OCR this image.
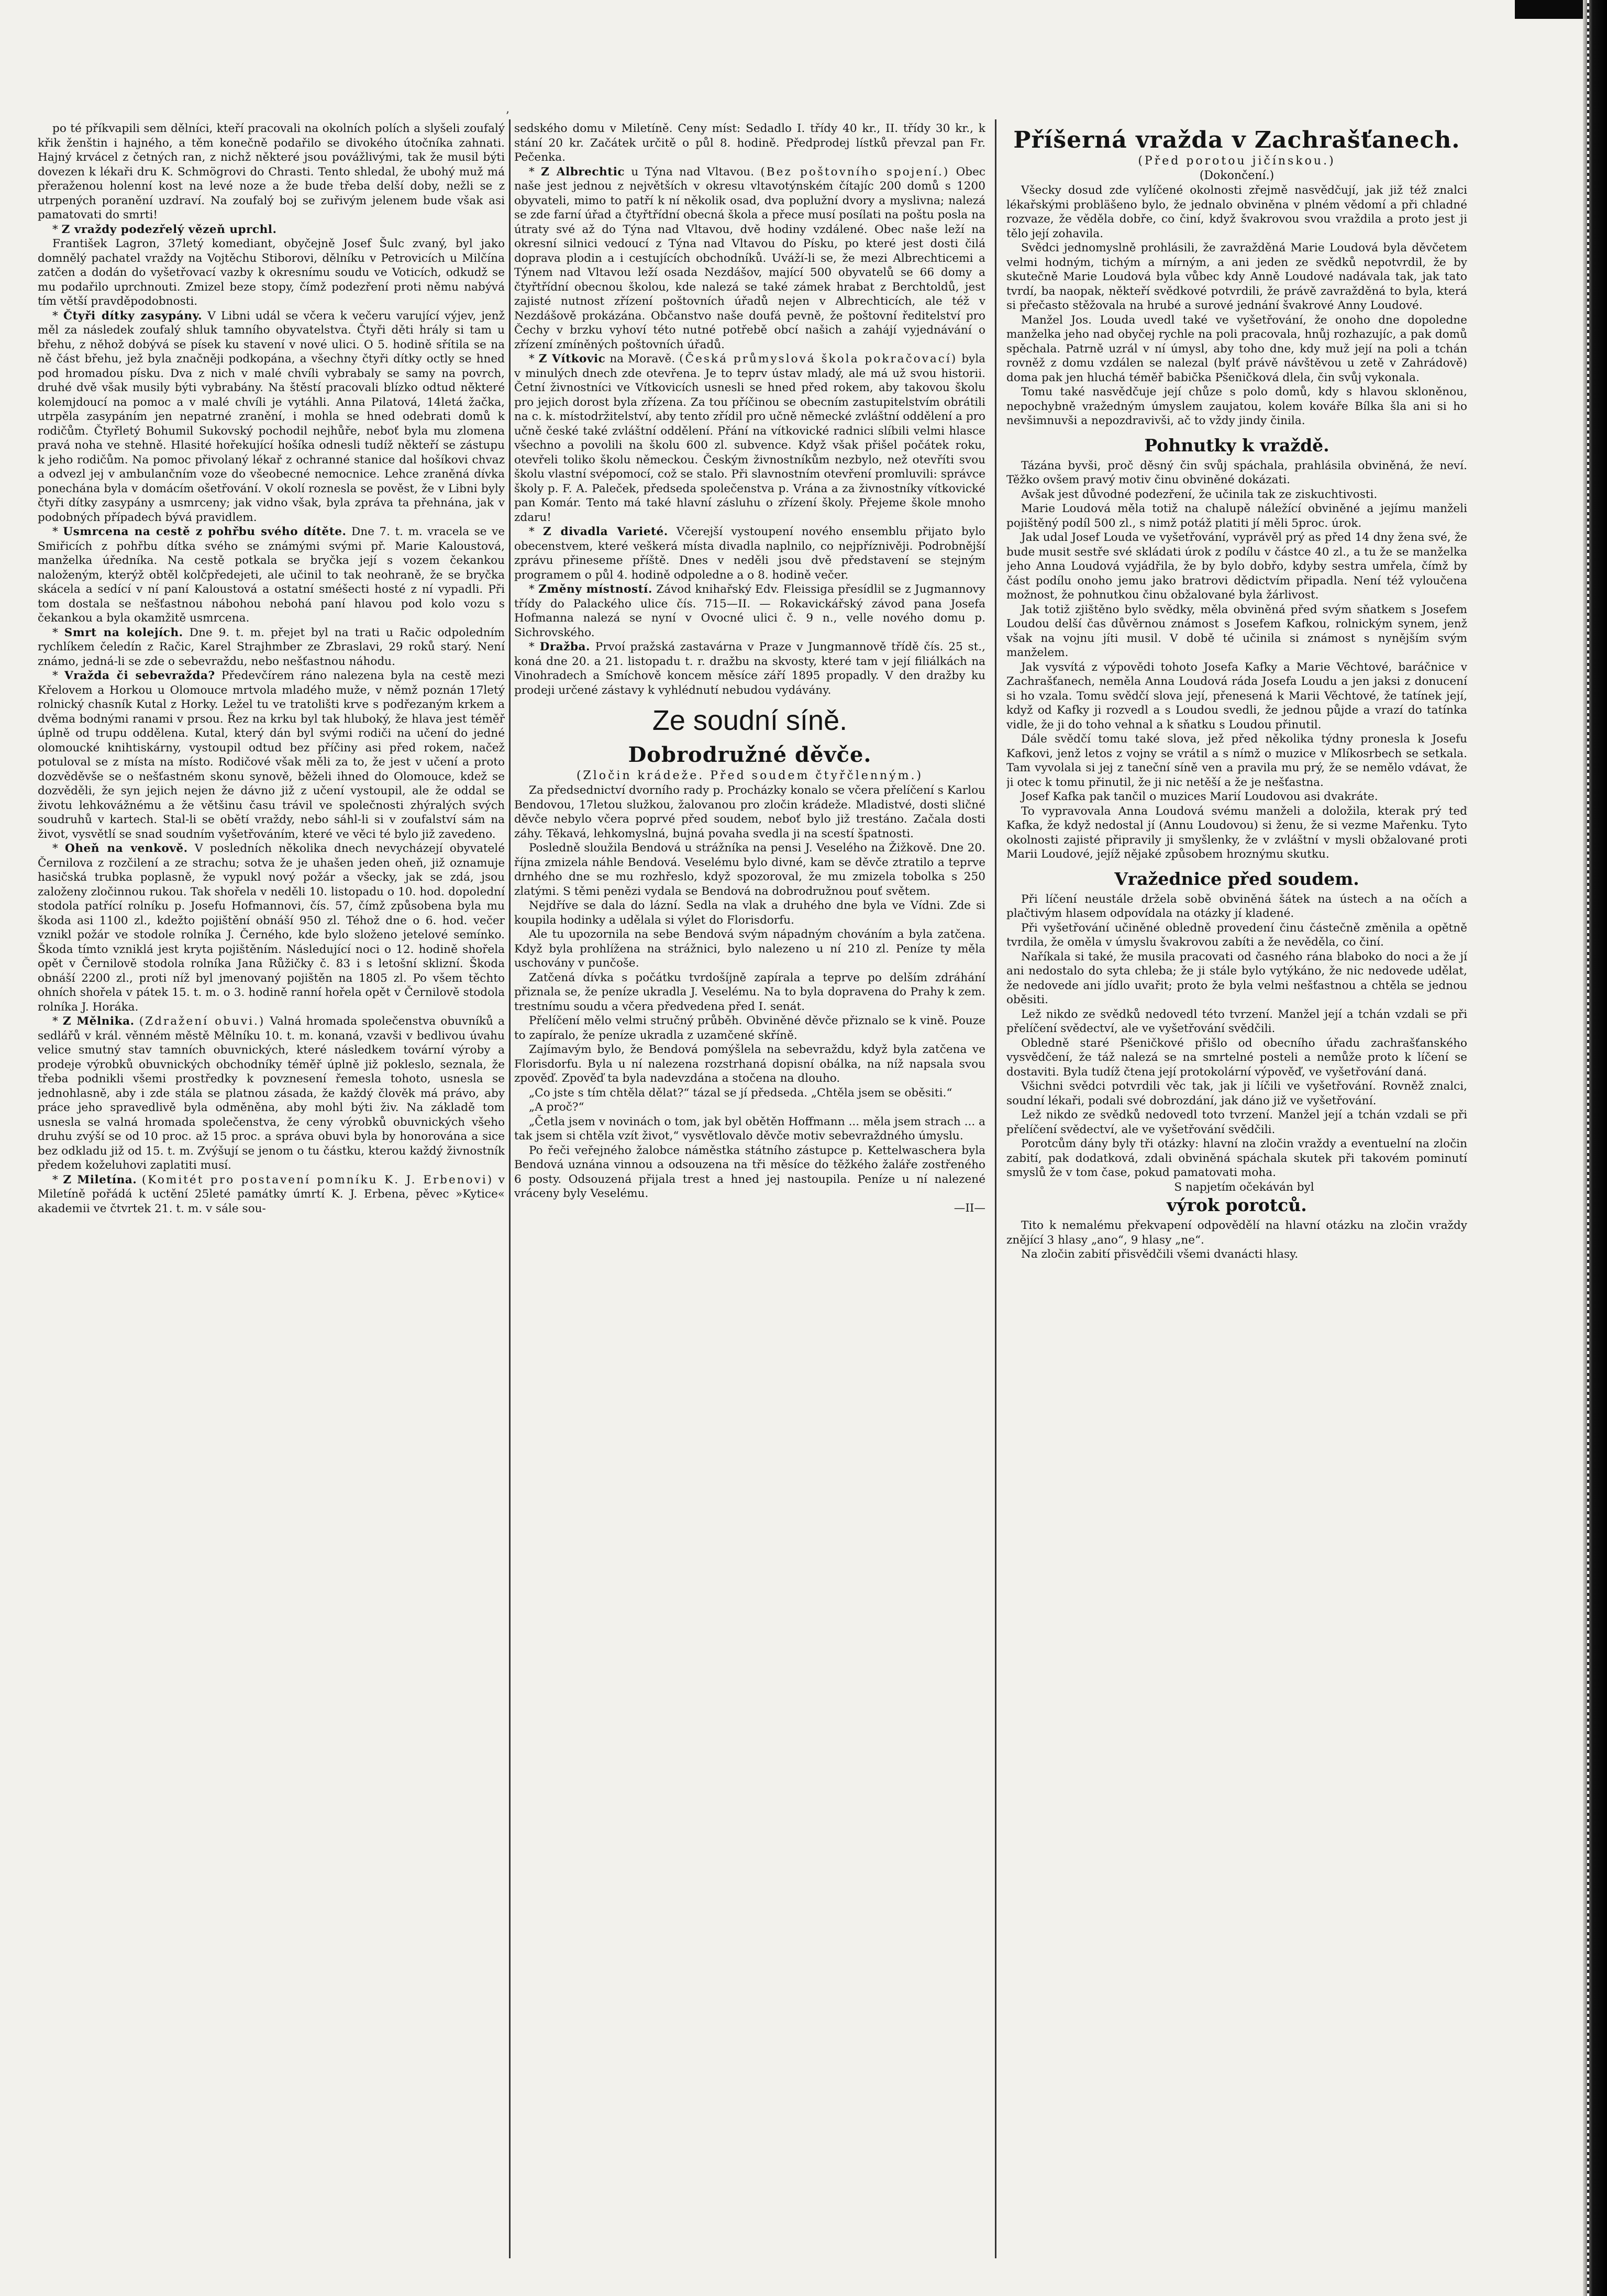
ʼ

po té příkvapili sem dělníci, kteří pracovali na okolních polích a slyšeli zoufalý křik ženštin i hajného, a těm konečně podařilo se divokého útočníka zahnati. Hajný krvácel z četných ran, z nichž některé jsou povážlivými, tak že musil býti dovezen k lékaři dru K. Schmögrovi do Chrasti. Tento shledal, že ubohý muž má přeraženou holenní kost na levé noze a že bude třeba delší doby, nežli se z utrpených poranění uzdraví. Na zoufalý boj se zuřivým jelenem bude však asi pamatovati do smrti!

* Z vraždy podezřelý vězeň uprchl.

František Lagron, 37letý komediant, obyčejně Josef Šulc zvaný, byl jako domnělý pachatel vraždy na Vojtěchu Stiborovi, dělníku v Petrovicích u Milčína zatčen a dodán do vyšetřovací vazby k okresnímu soudu ve Voticích, odkudž se mu podařilo uprchnouti. Zmizel beze stopy, čímž podezření proti němu nabývá tím větší pravděpodobnosti.

* Čtyři dítky zasypány. V Libni udál se včera k večeru varující výjev, jenž měl za následek zoufalý shluk tamního obyvatelstva. Čtyři děti hrály si tam u břehu, z něhož dobývá se písek ku stavení v nové ulici. O 5. hodině sřítila se na ně část břehu, jež byla značněji podkopána, a všechny čtyři dítky octly se hned pod hromadou písku. Dva z nich v malé chvíli vybrabaly se samy na povrch, druhé dvě však musily býti vybrabány. Na štěstí pracovali blízko odtud některé kolemjdoucí na pomoc a v malé chvíli je vytáhli. Anna Pilatová, 14letá žačka, utrpěla zasypáním jen nepatrné zranění, i mohla se hned odebrati domů k rodičům. Čtyřletý Bohumil Sukovský pochodil nejhůře, neboť byla mu zlomena pravá noha ve stehně. Hlasité hořekující hošíka odnesli tudíž někteří se zástupu k jeho rodičům. Na pomoc přivolaný lékař z ochranné stanice dal hošíkovi chvaz a odvezl jej v ambulančním voze do všeobecné nemocnice. Lehce zraněná dívka ponechána byla v domácím ošetřování. V okolí roznesla se pověst, že v Libni byly čtyři dítky zasypány a usmrceny; jak vidno však, byla zpráva ta přehnána, jak v podobných případech bývá pravidlem.

* Usmrcena na cestě z pohřbu svého dítěte. Dne 7. t. m. vracela se ve Smiřicích z pohřbu dítka svého se známými svými př. Marie Kaloustová, manželka úředníka. Na cestě potkala se bryčka její s vozem čekankou naloženým, kterýž obtěl kolčpředejeti, ale učinil to tak neohraně, že se bryčka skácela a sedící v ní paní Kaloustová a ostatní sméšecti hosté z ní vypadli. Při tom dostala se nešťastnou nábohou nebohá paní hlavou pod kolo vozu s čekankou a byla okamžitě usmrcena.

* Smrt na kolejích. Dne 9. t. m. přejet byl na trati u Račic odpoledním rychlíkem čeledín z Račic, Karel Strajhmber ze Zbraslavi, 29 roků starý. Není známo, jedná-li se zde o sebevraždu, nebo nešťastnou náhodu.

* Vražda či sebevražda? Předevčírem ráno nalezena byla na cestě mezi Křelovem a Horkou u Olomouce mrtvola mladého muže, v němž poznán 17letý rolnický chasník Kutal z Horky. Ležel tu ve tratolišti krve s podřezaným krkem a dvěma bodnými ranami v prsou. Řez na krku byl tak hluboký, že hlava jest téměř úplně od trupu oddělena. Kutal, který dán byl svými rodiči na učení do jedné olomoucké knihtiskárny, vystoupil odtud bez příčiny asi před rokem, načež potuloval se z místa na místo. Rodičové však měli za to, že jest v učení a proto dozvěděvše se o nešťastném skonu synově, běželi ihned do Olomouce, kdež se dozvěděli, že syn jejich nejen že dávno již z učení vystoupil, ale že oddal se životu lehkovážnému a že většinu času trávil ve společnosti zhýralých svých soudruhů v kartech. Stal-li se obětí vraždy, nebo sáhl-li si v zoufalství sám na život, vysvětlí se snad soudním vyšetřováním, které ve věci té bylo již zavedeno.

* Oheň na venkově. V posledních několika dnech nevycházejí obyvatelé Černilova z rozčilení a ze strachu; sotva že je uhašen jeden oheň, již oznamuje hasičská trubka poplasně, že vypukl nový požár a všecky, jak se zdá, jsou založeny zločinnou rukou. Tak shořela v neděli 10. listopadu o 10. hod. dopolední stodola patřící rolníku p. Josefu Hofmannovi, čís. 57, čímž způsobena byla mu škoda asi 1100 zl., kdežto pojištění obnáší 950 zl. Téhož dne o 6. hod. večer vznikl požár ve stodole rolníka J. Černého, kde bylo složeno jetelové semínko. Škoda tímto vzniklá jest kryta pojištěním. Následující noci o 12. hodině shořela opět v Černilově stodola rolníka Jana Růžičky č. 83 i s letošní sklizní. Škoda obnáší 2200 zl., proti níž byl jmenovaný pojištěn na 1805 zl. Po všem těchto ohních shořela v pátek 15. t. m. o 3. hodině ranní hořela opět v Černilově stodola rolníka J. Horáka.

* Z Mělnika. (Zdražení obuvi.) Valná hromada společenstva obuvníků a sedlářů v král. věnném městě Mělníku 10. t. m. konaná, vzavši v bedlivou úvahu velice smutný stav tamních obuvnických, které následkem tovární výroby a prodeje výrobků obuvnických obchodníky téměř úplně již pokleslo, seznala, že třeba podnikli všemi prostředky k povznesení řemesla tohoto, usnesla se jednohlasně, aby i zde stála se platnou zásada, že každý člověk má právo, aby práce jeho spravedlivě byla odměněna, aby mohl býti živ. Na základě tom usnesla se valná hromada společenstva, že ceny výrobků obuvnických všeho druhu zvýší se od 10 proc. až 15 proc. a správa obuvi byla by honorována a sice bez odkladu již od 15. t. m. Zvýšují se jenom o tu částku, kterou každý živnostník předem koželuhovi zaplatiti musí.

* Z Miletína. (Komitét pro postavení pomníku K. J. Erbenovi) v Miletíně pořádá k uctění 25leté památky úmrtí K. J. Erbena, pěvec »Kytice« akademii ve čtvrtek 21. t. m. v sále sou-

sedského domu v Miletíně. Ceny míst: Sedadlo I. třídy 40 kr., II. třídy 30 kr., k stání 20 kr. Začátek určitě o půl 8. hodině. Předprodej lístků převzal pan Fr. Pečenka.

* Z Albrechtic u Týna nad Vltavou. (Bez poštovního spojení.) Obec naše jest jednou z největších v okresu vltavotýnském čítajíc 200 domů s 1200 obyvateli, mimo to patří k ní několik osad, dva poplužní dvory a myslivna; nalezá se zde farní úřad a čtyřtřídní obecná škola a přece musí posílati na poštu posla na útraty své až do Týna nad Vltavou, dvě hodiny vzdálené. Obec naše leží na okresní silnici vedoucí z Týna nad Vltavou do Písku, po které jest dosti čilá doprava plodin a i cestujících obchodníků. Uváží-li se, že mezi Albrechticemi a Týnem nad Vltavou leží osada Nezdášov, mající 500 obyvatelů se 66 domy a čtyřtřídní obecnou školou, kde nalezá se také zámek hrabat z Berchtoldů, jest zajisté nutnost zřízení poštovních úřadů nejen v Albrechticích, ale též v Nezdášově prokázána. Občanstvo naše doufá pevně, že poštovní ředitelství pro Čechy v brzku vyhoví této nutné potřebě obcí našich a zahájí vyjednávání o zřízení zmíněných poštovních úřadů.

* Z Vítkovic na Moravě. (Česká průmyslová škola pokračovací) byla v minulých dnech zde otevřena. Je to teprv ústav mladý, ale má už svou historii. Četní živnostníci ve Vítkovicích usnesli se hned před rokem, aby takovou školu pro jejich dorost byla zřízena. Za tou příčinou se obecním zastupitelstvím obrátili na c. k. místodržitelství, aby tento zřídil pro učně německé zvláštní oddělení a pro učně české také zvláštní oddělení. Přání na vítkovické radnici slíbili velmi hlasce všechno a povolili na školu 600 zl. subvence. Když však přišel počátek roku, otevřeli toliko školu německou. Českým živnostníkům nezbylo, než otevříti svou školu vlastní svépomocí, což se stalo. Při slavnostním otevření promluvili: správce školy p. F. A. Paleček, předseda společenstva p. Vrána a za živnostníky vítkovické pan Komár. Tento má také hlavní zásluhu o zřízení školy. Přejeme škole mnoho zdaru!

* Z divadla Varieté. Včerejší vystoupení nového ensemblu přijato bylo obecenstvem, které veškerá místa divadla naplnilo, co nejpříznivěji. Podrobnější zprávu přineseme příště. Dnes v neděli jsou dvě představení se stejným programem o půl 4. hodině odpoledne a o 8. hodině večer.

* Změny místností. Závod knihařský Edv. Fleissiga přesídlil se z Jugmannovy třídy do Palackého ulice čís. 715—II. — Rokavickářský závod pana Josefa Hofmanna nalezá se nyní v Ovocné ulici č. 9 n., velle nového domu p. Sichrovského.

* Dražba. Prvoí pražská zastavárna v Praze v Jungmannově třídě čís. 25 st., koná dne 20. a 21. listopadu t. r. dražbu na skvosty, které tam v její filiálkách na Vinohradech a Smíchově koncem měsíce září 1895 propadly. V den dražby ku prodeji určené zástavy k vyhlédnutí nebudou vydávány.

Ze soudní síně.
Dobrodružné děvče.
(Zločin krádeže. Před soudem čtyřčlenným.)

Za předsednictví dvorního rady p. Procházky konalo se včera přelíčení s Karlou Bendovou, 17letou služkou, žalovanou pro zločin krádeže. Mladistvé, dosti sličné děvče nebylo včera poprvé před soudem, neboť bylo již trestáno. Začala dosti záhy. Těkavá, lehkomyslná, bujná povaha svedla ji na scestí špatnosti.

Posledně sloužila Bendová u strážníka na pensi J. Veselého na Žižkově. Dne 20. října zmizela náhle Bendová. Veselému bylo divné, kam se děvče ztratilo a teprve drnhého dne se mu rozhřeslo, když spozoroval, že mu zmizela tobolka s 250 zlatými. S těmi penězi vydala se Bendová na dobrodružnou pouť světem.

Nejdříve se dala do lázní. Sedla na vlak a druhého dne byla ve Vídni. Zde si koupila hodinky a udělala si výlet do Florisdorfu.

Ale tu upozornila na sebe Bendová svým nápadným chováním a byla zatčena. Když byla prohlížena na strážnici, bylo nalezeno u ní 210 zl. Peníze ty měla uschovány v punčoše.

Zatčená dívka s počátku tvrdošíjně zapírala a teprve po delším zdráhání přiznala se, že peníze ukradla J. Veselému. Na to byla dopravena do Prahy k zem. trestnímu soudu a včera předvedena před I. senát.

Přelíčení mělo velmi stručný průběh. Obviněné děvče přiznalo se k vině. Pouze to zapíralo, že peníze ukradla z uzamčené skříně.

Zajímavým bylo, že Bendová pomýšlela na sebevraždu, když byla zatčena ve Florisdorfu. Byla u ní nalezena rozstrhaná dopisní obálka, na níž napsala svou zpověď. Zpověď ta byla nadevzdána a stočena na dlouho.

„Co jste s tím chtěla dělat?“ tázal se jí předseda. „Chtěla jsem se oběsiti.“

„A proč?“

„Četla jsem v novinách o tom, jak byl obětěn Hoffmann ... měla jsem strach ... a tak jsem si chtěla vzít život,“ vysvětlovalo děvče motiv sebevraždného úmyslu.

Po řeči veřejného žalobce náměstka státního zástupce p. Kettelwaschera byla Bendová uznána vinnou a odsouzena na tři měsíce do těžkého žaláře zostřeného 6 posty. Odsouzená přijala trest a hned jej nastoupila. Peníze u ní nalezené vráceny byly Veselému.

—II—

Příšerná vražda v Zachrašťanech.
(Před porotou jičínskou.)
(Dokončení.)

Všecky dosud zde vylíčené okolnosti zřejmě nasvědčují, jak již též znalci lékařskými probläšeno bylo, že jednalo obviněna v plném vědomí a při chladné rozvaze, že věděla dobře, co činí, když švakrovou svou vraždila a proto jest ji tělo její zohavila.

Svědci jednomyslně prohlásili, že zavražděná Marie Loudová byla děvčetem velmi hodným, tichým a mírným, a ani jeden ze svědků nepotvrdil, že by skutečně Marie Loudová byla vůbec kdy Anně Loudové nadávala tak, jak tato tvrdí, ba naopak, někteří svědkové potvrdili, že právě zavražděná to byla, která si přečasto stěžovala na hrubé a surové jednání švakrové Anny Loudové.

Manžel Jos. Louda uvedl také ve vyšetřování, že onoho dne dopoledne manželka jeho nad obyčej rychle na poli pracovala, hnůj rozhazujíc, a pak domů spěchala. Patrně uzrál v ní úmysl, aby toho dne, kdy muž její na poli a tchán rovněž z domu vzdálen se nalezal (bylť právě návštěvou u zetě v Zahrádově) doma pak jen hluchá téměř babička Pšeničková dlela, čin svůj vykonala.

Tomu také nasvědčuje její chůze s polo domů, kdy s hlavou skloněnou, nepochybně vražedným úmyslem zaujatou, kolem kováře Bílka šla ani si ho nevšimnuvši a nepozdravivši, ač to vždy jindy činila.

Pohnutky k vraždě.

Tázána byvši, proč děsný čin svůj spáchala, prahlásila obviněná, že neví. Těžko ovšem pravý motiv činu obviněné dokázati.

Avšak jest důvodné podezření, že učinila tak ze ziskuchtivosti.

Marie Loudová měla totiž na chalupě náležící obviněné a jejímu manželi pojištěný podíl 500 zl., s nimž potáž platiti jí měli 5proc. úrok.

Jak udal Josef Louda ve vyšetřování, vyprávěl prý as před 14 dny žena své, že bude musit sestře své skládati úrok z podílu v částce 40 zl., a tu že se manželka jeho Anna Loudová vyjádřila, že by bylo dobřo, kdyby sestra umřela, čímž by část podílu onoho jemu jako bratrovi dědictvím připadla. Není též vyloučena možnost, že pohnutkou činu obžalované byla žárlivost.

Jak totiž zjištěno bylo svědky, měla obviněná před svým sňatkem s Josefem Loudou delší čas důvěrnou známost s Josefem Kafkou, rolnickým synem, jenž však na vojnu jíti musil. V době té učinila si známost s nynějším svým manželem.

Jak vysvítá z výpovědi tohoto Josefa Kafky a Marie Věchtové, baráčnice v Zachrašťanech, neměla Anna Loudová ráda Josefa Loudu a jen jaksi z donucení si ho vzala. Tomu svědčí slova její, přenesená k Marii Věchtové, že tatínek její, když od Kafky ji rozvedl a s Loudou svedli, že jednou půjde a vrazí do tatínka vidle, že ji do toho vehnal a k sňatku s Loudou přinutil.

Dále svědčí tomu také slova, jež před několika týdny pronesla k Josefu Kafkovi, jenž letos z vojny se vrátil a s nímž o muzice v Mlíkosrbech se setkala. Tam vyvolala si jej z taneční síně ven a pravila mu prý, že se nemělo vdávat, že ji otec k tomu přinutil, že ji nic netěší a že je nešťastna.

Josef Kafka pak tančil o muzices Marií Loudovou asi dvakráte.

To vypravovala Anna Loudová svému manželi a doložila, kterak prý teď Kafka, že když nedostal jí (Annu Loudovou) si ženu, že si vezme Mařenku. Tyto okolnosti zajisté připravily ji smyšlenky, že v zvláštní v mysli obžalované proti Marii Loudové, jejíž nějaké způsobem hroznýmu skutku.

Vražednice před soudem.

Při líčení neustále držela sobě obviněná šátek na ústech a na očích a plačtivým hlasem odpovídala na otázky jí kladené.

Při vyšetřování učiněné obledně provedení činu částečně změnila a opětně tvrdila, že oměla v úmyslu švakrovou zabíti a že nevěděla, co činí.

Naříkala si také, že musila pracovati od časného rána blaboko do noci a že jí ani nedostalo do syta chleba; že ji stále bylo vytýkáno, že nic nedovede udělat, že nedovede ani jídlo uvařit; proto že byla velmi nešťastnou a chtěla se jednou oběsiti.

Lež nikdo ze svědků nedovedl této tvrzení. Manžel její a tchán vzdali se při přelíčení svědectví, ale ve vyšetřování svědčili.

Obledně staré Pšeničkové přišlo od obecního úřadu zachrašťanského vysvědčení, že táž nalezá se na smrtelné posteli a nemůže proto k líčení se dostaviti. Byla tudíž čtena její protokolární výpověď, ve vyšetřování daná.

Všichni svědci potvrdili věc tak, jak ji líčili ve vyšetřování. Rovněž znalci, soudní lékaři, podali své dobrozdání, jak dáno již ve vyšetřování.

Lež nikdo ze svědků nedovedl toto tvrzení. Manžel její a tchán vzdali se při přelíčení svědectví, ale ve vyšetřování svědčili.

Porotcům dány byly tři otázky: hlavní na zločin vraždy a eventuelní na zločin zabití, pak dodatková, zdali obviněná spáchala skutek při takovém pominutí smyslů že v tom čase, pokud pamatovati moha.

S napjetím očekáván byl

výrok porotců.

Tito k nemalému překvapení odpovědělí na hlavní otázku na zločin vraždy znějící 3 hlasy „ano“, 9 hlasy „ne“.

Na zločin zabití přisvědčili všemi dvanácti hlasy.
